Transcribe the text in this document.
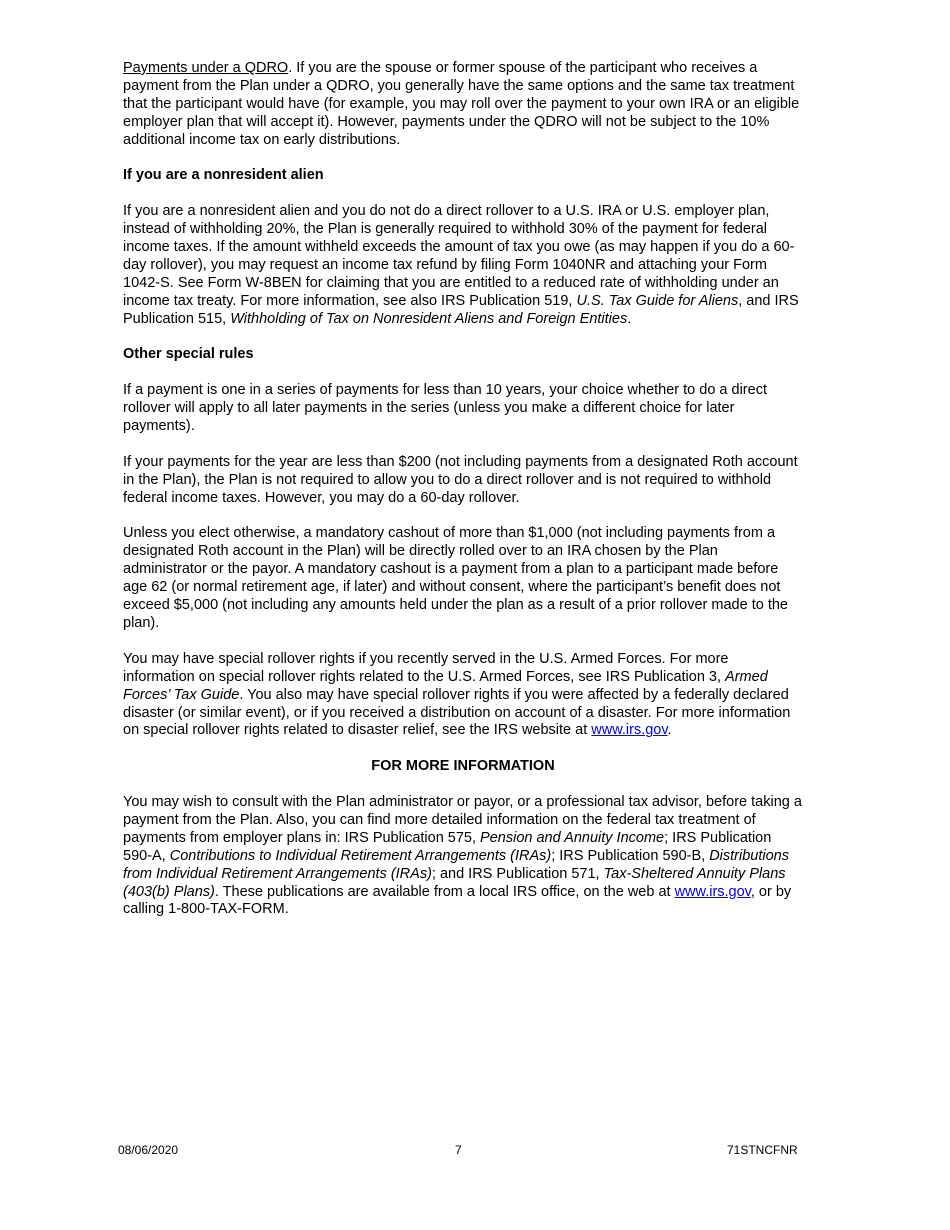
Payments under a QDRO. If you are the spouse or former spouse of the participant who receives a payment from the Plan under a QDRO, you generally have the same options and the same tax treatment that the participant would have (for example, you may roll over the payment to your own IRA or an eligible employer plan that will accept it). However, payments under the QDRO will not be subject to the 10% additional income tax on early distributions.

If you are a nonresident alien

If you are a nonresident alien and you do not do a direct rollover to a U.S. IRA or U.S. employer plan, instead of withholding 20%, the Plan is generally required to withhold 30% of the payment for federal income taxes. If the amount withheld exceeds the amount of tax you owe (as may happen if you do a 60-day rollover), you may request an income tax refund by filing Form 1040NR and attaching your Form 1042-S. See Form W-8BEN for claiming that you are entitled to a reduced rate of withholding under an income tax treaty. For more information, see also IRS Publication 519, U.S. Tax Guide for Aliens, and IRS Publication 515, Withholding of Tax on Nonresident Aliens and Foreign Entities.

Other special rules

If a payment is one in a series of payments for less than 10 years, your choice whether to do a direct rollover will apply to all later payments in the series (unless you make a different choice for later payments).

If your payments for the year are less than $200 (not including payments from a designated Roth account in the Plan), the Plan is not required to allow you to do a direct rollover and is not required to withhold federal income taxes. However, you may do a 60-day rollover.

Unless you elect otherwise, a mandatory cashout of more than $1,000 (not including payments from a designated Roth account in the Plan) will be directly rolled over to an IRA chosen by the Plan administrator or the payor. A mandatory cashout is a payment from a plan to a participant made before age 62 (or normal retirement age, if later) and without consent, where the participant’s benefit does not exceed $5,000 (not including any amounts held under the plan as a result of a prior rollover made to the plan).

You may have special rollover rights if you recently served in the U.S. Armed Forces. For more information on special rollover rights related to the U.S. Armed Forces, see IRS Publication 3, Armed Forces’ Tax Guide. You also may have special rollover rights if you were affected by a federally declared disaster (or similar event), or if you received a distribution on account of a disaster. For more information on special rollover rights related to disaster relief, see the IRS website at www.irs.gov.

FOR MORE INFORMATION

You may wish to consult with the Plan administrator or payor, or a professional tax advisor, before taking a payment from the Plan. Also, you can find more detailed information on the federal tax treatment of payments from employer plans in: IRS Publication 575, Pension and Annuity Income; IRS Publication 590-A, Contributions to Individual Retirement Arrangements (IRAs); IRS Publication 590-B, Distributions from Individual Retirement Arrangements (IRAs); and IRS Publication 571, Tax-Sheltered Annuity Plans (403(b) Plans). These publications are available from a local IRS office, on the web at www.irs.gov, or by calling 1-800-TAX-FORM.

08/06/2020	7	71STNCFNR
